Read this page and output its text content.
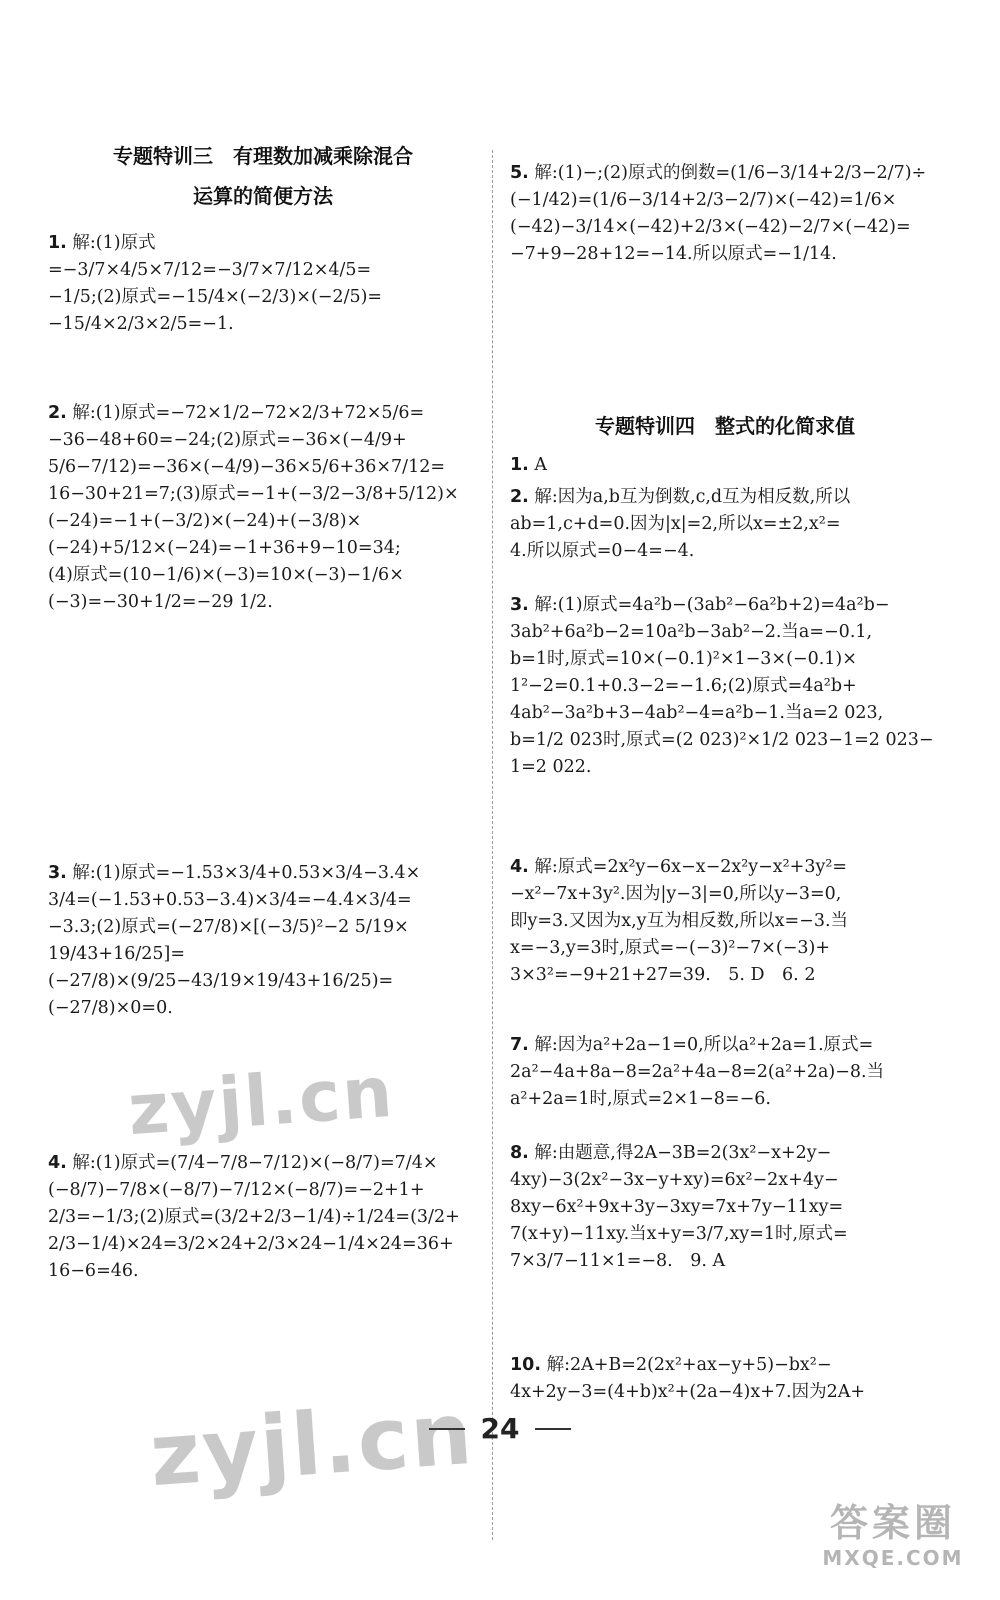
专题特训三　有理数加减乘除混合
运算的简便方法
1. 解:(1)原式=−3/7×4/5×7/12=−3/7×7/12×4/5=
−1/5;(2)原式=−15/4×(−2/3)×(−2/5)=
−15/4×2/3×2/5=−1.
2. 解:(1)原式=−72×1/2−72×2/3+72×5/6=
−36−48+60=−24;(2)原式=−36×(−4/9+
5/6−7/12)=−36×(−4/9)−36×5/6+36×7/12=
16−30+21=7;(3)原式=−1+(−3/2−3/8+5/12)×
(−24)=−1+(−3/2)×(−24)+(−3/8)×
(−24)+5/12×(−24)=−1+36+9−10=34;
(4)原式=(10−1/6)×(−3)=10×(−3)−1/6×
(−3)=−30+1/2=−29 1/2.
3. 解:(1)原式=−1.53×3/4+0.53×3/4−3.4×
3/4=(−1.53+0.53−3.4)×3/4=−4.4×3/4=
−3.3;(2)原式=(−27/8)×[(−3/5)²−2 5/19×
19/43+16/25]=(−27/8)×(9/25−43/19×19/43+16/25)=
(−27/8)×0=0.
4. 解:(1)原式=(7/4−7/8−7/12)×(−8/7)=7/4×
(−8/7)−7/8×(−8/7)−7/12×(−8/7)=−2+1+
2/3=−1/3;(2)原式=(3/2+2/3−1/4)÷1/24=(3/2+
2/3−1/4)×24=3/2×24+2/3×24−1/4×24=36+
16−6=46.
5. 解:(1)−;(2)原式的倒数=(1/6−3/14+2/3−2/7)÷
(−1/42)=(1/6−3/14+2/3−2/7)×(−42)=1/6×
(−42)−3/14×(−42)+2/3×(−42)−2/7×(−42)=
−7+9−28+12=−14.所以原式=−1/14.
专题特训四　整式的化简求值
1. A
2. 解:因为a,b互为倒数,c,d互为相反数,所以
ab=1,c+d=0.因为|x|=2,所以x=±2,x²=
4.所以原式=0−4=−4.
3. 解:(1)原式=4a²b−(3ab²−6a²b+2)=4a²b−
3ab²+6a²b−2=10a²b−3ab²−2.当a=−0.1,
b=1时,原式=10×(−0.1)²×1−3×(−0.1)×
1²−2=0.1+0.3−2=−1.6;(2)原式=4a²b+
4ab²−3a²b+3−4ab²−4=a²b−1.当a=2 023,
b=1/2 023时,原式=(2 023)²×1/2 023−1=2 023−
1=2 022.
4. 解:原式=2x²y−6x−x−2x²y−x²+3y²=
−x²−7x+3y².因为|y−3|=0,所以y−3=0,
即y=3.又因为x,y互为相反数,所以x=−3.当
x=−3,y=3时,原式=−(−3)²−7×(−3)+
3×3²=−9+21+27=39.　5. D　6. 2
7. 解:因为a²+2a−1=0,所以a²+2a=1.原式=
2a²−4a+8a−8=2a²+4a−8=2(a²+2a)−8.当
a²+2a=1时,原式=2×1−8=−6.
8. 解:由题意,得2A−3B=2(3x²−x+2y−
4xy)−3(2x²−3x−y+xy)=6x²−2x+4y−
8xy−6x²+9x+3y−3xy=7x+7y−11xy=
7(x+y)−11xy.当x+y=3/7,xy=1时,原式=
7×3/7−11×1=−8.　9. A
10. 解:2A+B=2(2x²+ax−y+5)−bx²−
4x+2y−3=(4+b)x²+(2a−4)x+7.因为2A+
24
zyjl.cn
zyjl.cn
答案圈
MXQE.COM
